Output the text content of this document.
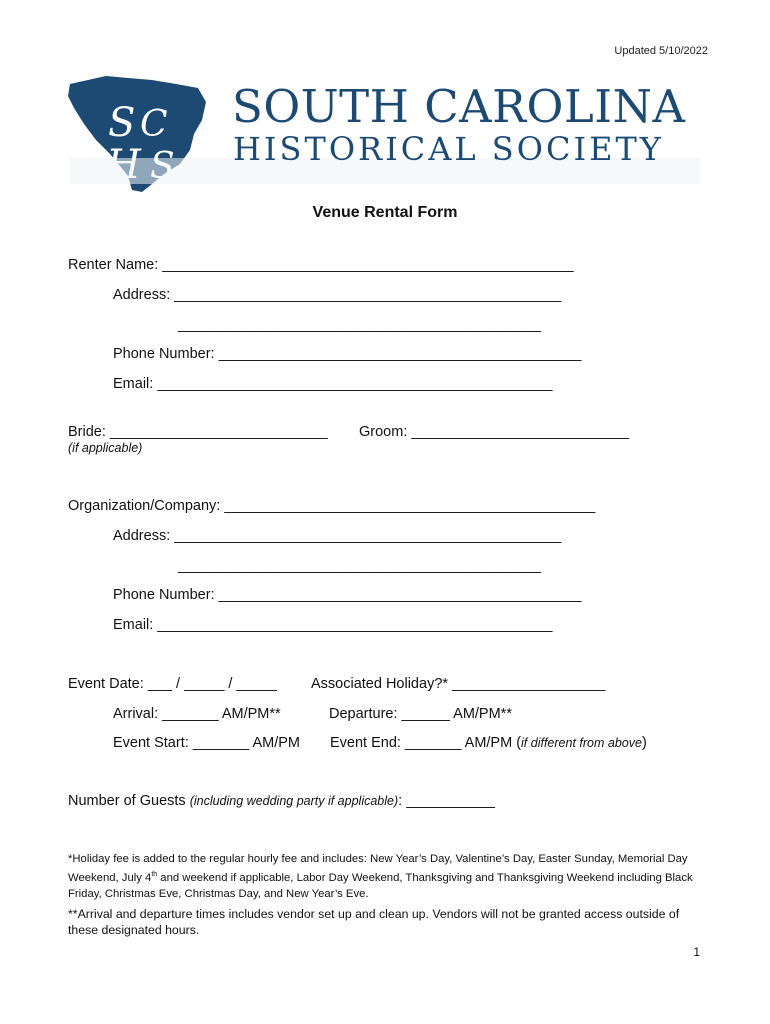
Updated 5/10/2022
S C SOUTH CAROLINA
HISTORICAL SOCIETY
Venue Rental Form
Renter Name: ___________________________________________________
Address: ________________________________________________
_____________________________________________
Phone Number: _____________________________________________
Email: _________________________________________________
Bride: ___________________________ Groom: ___________________________
(if applicable)
Organization/Company: ______________________________________________
Address: ________________________________________________
_____________________________________________
Phone Number: _____________________________________________
Email: _________________________________________________
Event Date: ___ / _____ / _____ Associated Holiday?* ___________________
Arrival: _______ AM/PM**	Departure: ______ AM/PM**
Event Start: _______ AM/PM Event End: _______ AM/PM (if different from above)
Number of Guests (including wedding party if applicable): ___________
*Holiday fee is added to the regular hourly fee and includes: New Year’s Day, Valentine’s Day, Easter Sunday, Memorial Day Weekend, July 4th and weekend if applicable, Labor Day Weekend, Thanksgiving and Thanksgiving Weekend including Black Friday, Christmas Eve, Christmas Day, and New Year’s Eve.
**Arrival and departure times includes vendor set up and clean up. Vendors will not be granted access outside of these designated hours.
1
